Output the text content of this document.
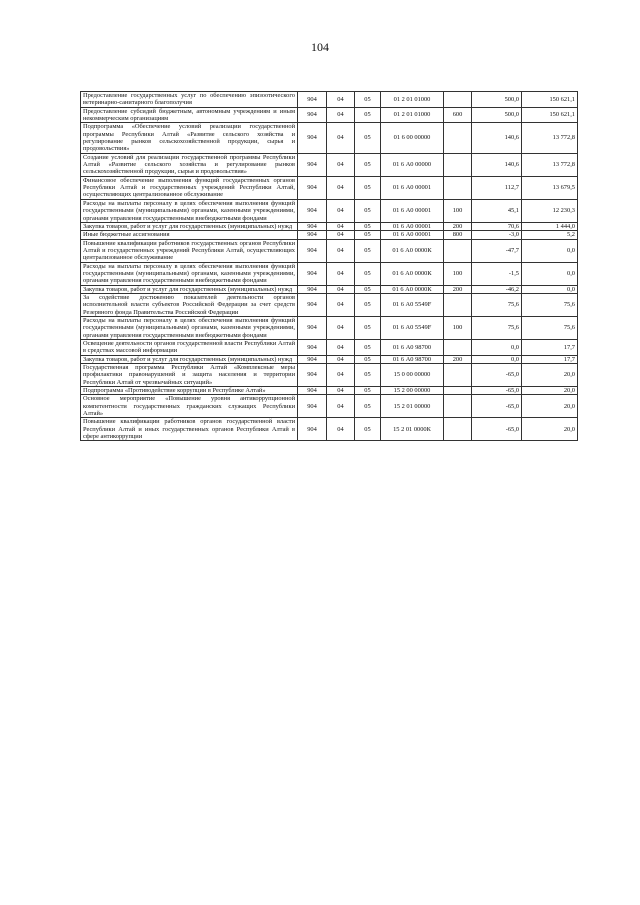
104
Предоставление государственных услуг по обеспечению эпизоотического ветеринарно-санитарного благополучия	904	04	05	01 2 01 01000		500,0	150 621,1
Предоставление субсидий бюджетным, автономным учреждениям и иным некоммерческим организациям	904	04	05	01 2 01 01000	600	500,0	150 621,1
Подпрограмма «Обеспечение условий реализации государственной программы Республики Алтай «Развитие сельского хозяйства и регулирование рынков сельскохозяйственной продукции, сырья и продовольствия»	904	04	05	01 6 00 00000		140,6	13 772,8
Создание условий для реализации государственной программы Республики Алтай «Развитие сельского хозяйства и регулирование рынков сельскохозяйственной продукции, сырья и продовольствия»	904	04	05	01 6 А0 00000		140,6	13 772,8
Финансовое обеспечение выполнения функций государственных органов Республики Алтай и государственных учреждений Республики Алтай, осуществляющих централизованное обслуживание	904	04	05	01 6 А0 00001		112,7	13 679,5
Расходы на выплаты персоналу в целях обеспечения выполнения функций государственными (муниципальными) органами, казенными учреждениями, органами управления государственными внебюджетными фондами	904	04	05	01 6 А0 00001	100	45,1	12 230,3
Закупка товаров, работ и услуг для государственных (муниципальных) нужд	904	04	05	01 6 А0 00001	200	70,6	1 444,0
Иные бюджетные ассигнования	904	04	05	01 6 А0 00001	800	-3,0	5,2
Повышение квалификации работников государственных органов Республики Алтай и государственных учреждений Республики Алтай, осуществляющих централизованное обслуживание	904	04	05	01 6 А0 0000К		-47,7	0,0
Расходы на выплаты персоналу в целях обеспечения выполнения функций государственными (муниципальными) органами, казенными учреждениями, органами управления государственными внебюджетными фондами	904	04	05	01 6 А0 0000К	100	-1,5	0,0
Закупка товаров, работ и услуг для государственных (муниципальных) нужд	904	04	05	01 6 А0 0000К	200	-46,2	0,0
За содействие достижению показателей деятельности органов исполнительной власти субъектов Российской Федерации за счет средств Резервного фонда Правительства Российской Федерации	904	04	05	01 6 А0 5549F		75,6	75,6
Расходы на выплаты персоналу в целях обеспечения выполнения функций государственными (муниципальными) органами, казенными учреждениями, органами управления государственными внебюджетными фондами	904	04	05	01 6 А0 5549F	100	75,6	75,6
Освещение деятельности органов государственной власти Республики Алтай в средствах массовой информации	904	04	05	01 6 А0 98700		0,0	17,7
Закупка товаров, работ и услуг для государственных (муниципальных) нужд	904	04	05	01 6 А0 98700	200	0,0	17,7
Государственная программа Республики Алтай «Комплексные меры профилактики правонарушений и защита населения и территории Республики Алтай от чрезвычайных ситуаций»	904	04	05	15 0 00 00000		-65,0	20,0
Подпрограмма «Противодействие коррупции в Республике Алтай»	904	04	05	15 2 00 00000		-65,0	20,0
Основное мероприятие «Повышение уровня антикоррупционной компетентности государственных гражданских служащих Республики Алтай»	904	04	05	15 2 01 00000		-65,0	20,0
Повышение квалификации работников органов государственной власти Республики Алтай и иных государственных органов Республики Алтай в сфере антикоррупции	904	04	05	15 2 01 0000К		-65,0	20,0
